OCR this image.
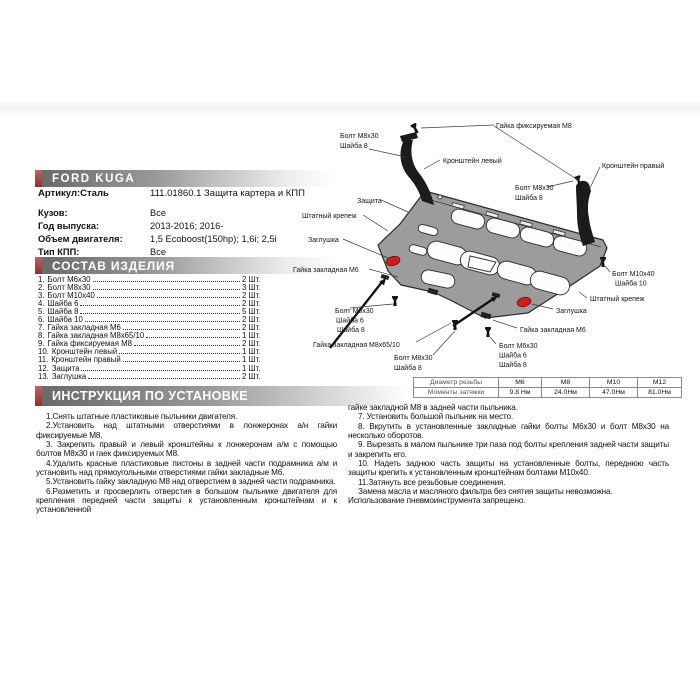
FORD KUGA
Артикул:Сталь	111.01860.1 Защита картера и КПП
Кузов:	Все
Год выпуска:	2013-2016; 2016-
Объем двигателя:	1,5 Ecoboost(150hp); 1,6i; 2,5i
Тип КПП:	Все
СОСТАВ ИЗДЕЛИЯ
1. Болт М6х30	2 Шт.
2. Болт М8х30	3 Шт.
3. Болт М10х40	2 Шт.
4. Шайба 6	2 Шт.
5. Шайба 8	5 Шт.
6. Шайба 10	2 Шт.
7. Гайка закладная М6	2 Шт.
8. Гайка закладная М8х65/10	1 Шт.
9. Гайка фиксируемая М8	2 Шт.
10. Кронштейн левый	1 Шт.
11. Кронштейн правый	1 Шт.
12. Защита	1 Шт.
13. Заглушка	2 Шт.
ИНСТРУКЦИЯ ПО УСТАНОВКЕ

1.Снять штатные пластиковые пыльники двигателя.

2.Установить над штатными отверстиями в лонжеронах а/н гайки фиксируемые М8.

3. Закрепить правый и левый кронштейны к лонжеронам а/м с помощью болтов М8х30 и гаек фиксируемых М8.

4.Удалить красные пластиковые пистоны в задней части подрамника а/м и установить над прямоугольными отверстиями гайки закладные М6.

5.Установить гайку закладную М8 над отверстием в задней части подрамника.

6.Разметить и просверлить отверстия в большом пыльнике двигателя для крепления передней части защиты к установленным кронштейнам и к установленной

гайке закладной М8 в задней части пыльника.

7. Установить большой пыльник на место.

8. Вкрутить в установленные закладные гайки болты М6х30 и болт М8х30 на несколько оборотов.

9. Вырезать в малом пыльнике три паза под болты крепления задней части защиты и закрепить его.

10. Надеть заднюю часть защиты на установленные болты, переднюю часть защиты крепить к установленным кронштейнам болтами М10х40.

11.Затянуть все резьбовые соединения.

Замена масла и масляного фильтра без снятия защиты невозможна.

Использование пневмоинструмента запрещено.

Диаметр резьбы	М6	М8	М10	М12
Моменты затяжки	9.8 Нм	24.0Нм	47.0Нм	81.0Нм
Гайка фиксируемая М8
Болт М8х30
Шайба 8
Кронштейн левый
Кронштейн правый
Болт М8х30
Шайба 8
Защита
Штатный крепеж
Заглушка
Гайка закладная М6
Болт М6х30
Шайба 6
Шайба 8
Гайка закладная М8х65/10
Болт М8х30
Шайба 8
Болт М6х30
Шайба 6
Шайба 8
Гайка закладная М6
Заглушка
Штатный крепеж
Болт М10х40
Шайба 10
